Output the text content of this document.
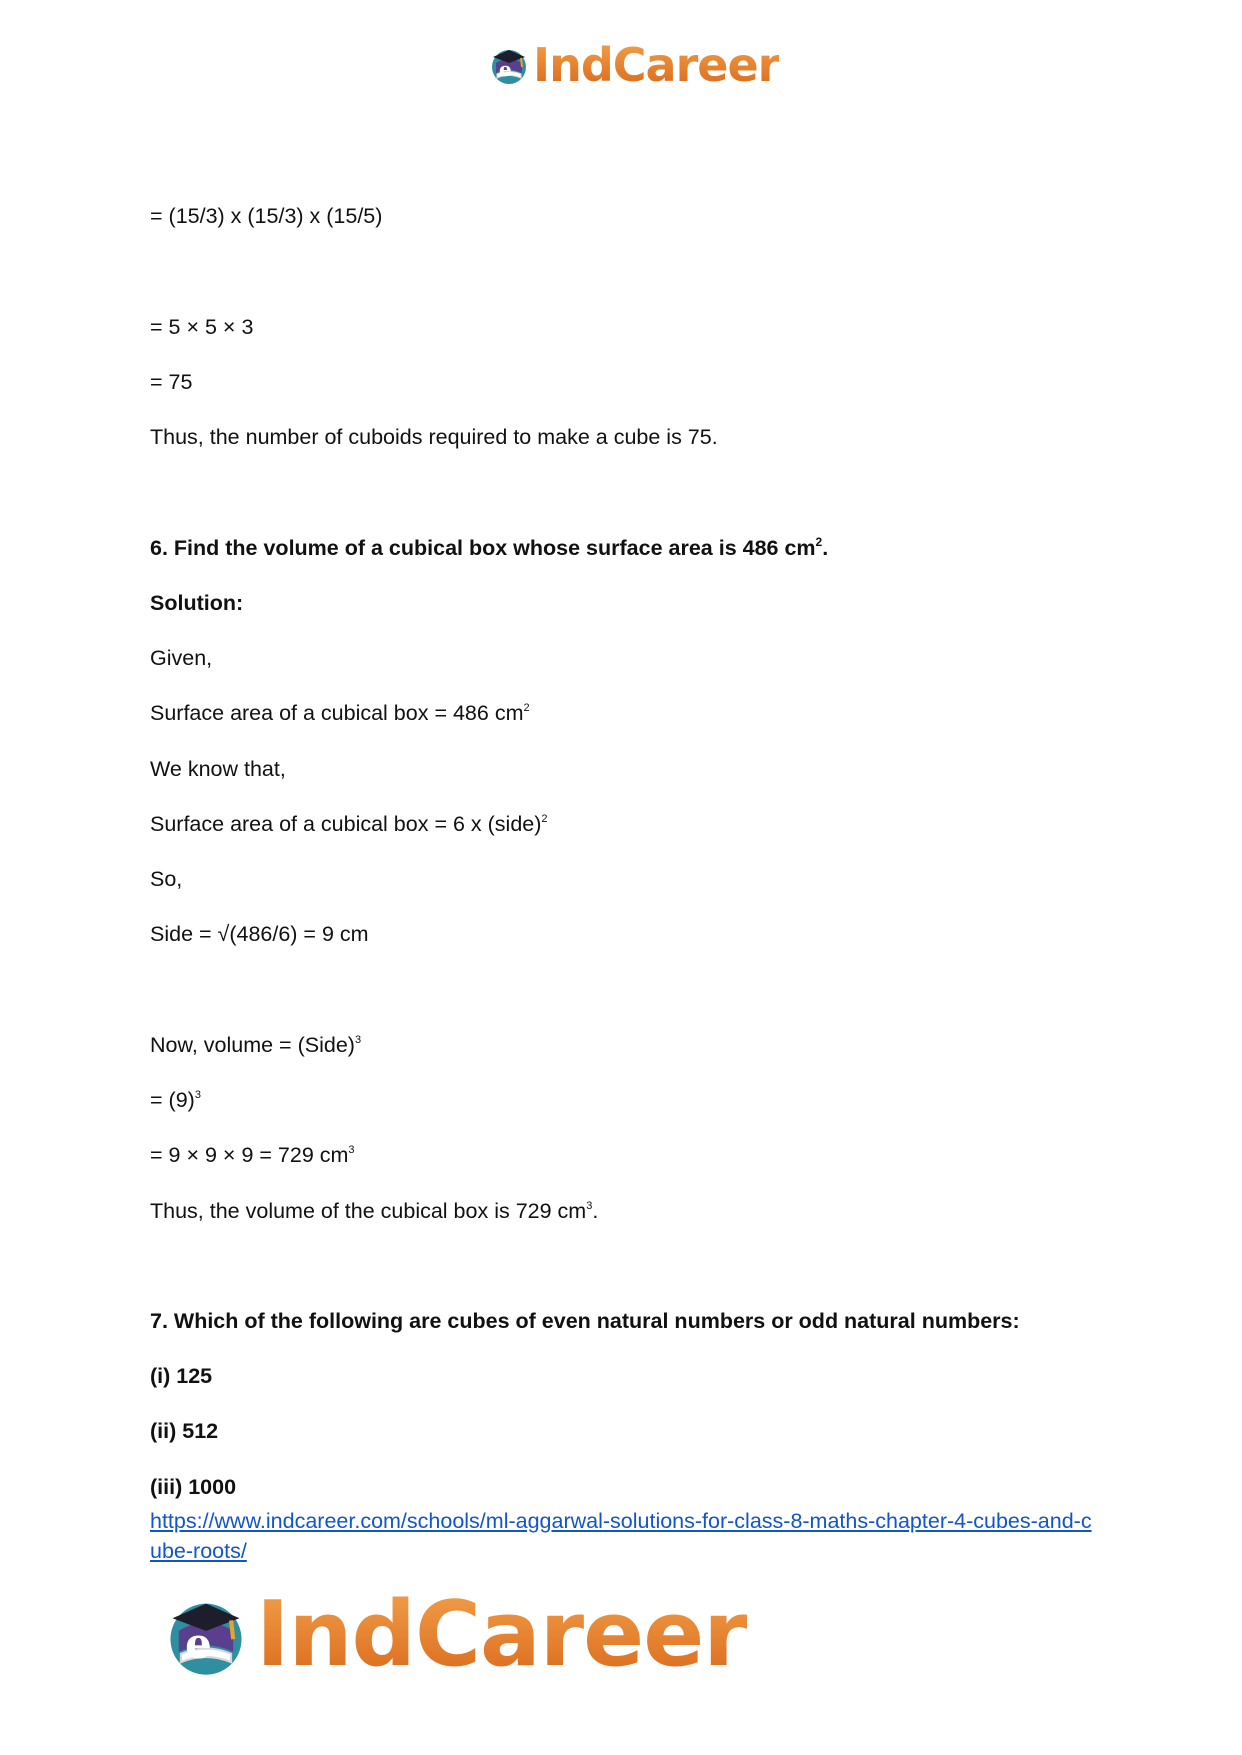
e IndCareer
= (15/3) x (15/3) x (15/5)
= 5 × 5 × 3
= 75
Thus, the number of cuboids required to make a cube is 75.
6. Find the volume of a cubical box whose surface area is 486 $cm^2$.
Solution:
Given,
Surface area of a cubical box = 486 $cm^2$
We know that,
Surface area of a cubical box = 6 x (side)$^2$
So,
Side = √(486/6) = 9 cm
Now, volume = (Side)$^3$
= $(9)^3$
= 9 × 9 × 9 = 729 $cm^3$
Thus, the volume of the cubical box is 729 $cm^3$.
7. Which of the following are cubes of even natural numbers or odd natural numbers:
(i) 125
(ii) 512
(iii) 1000
https://www.indcareer.com/schools/ml-aggarwal-solutions-for-class-8-maths-chapter-4-cubes-and-cube-roots/
e IndCareer
